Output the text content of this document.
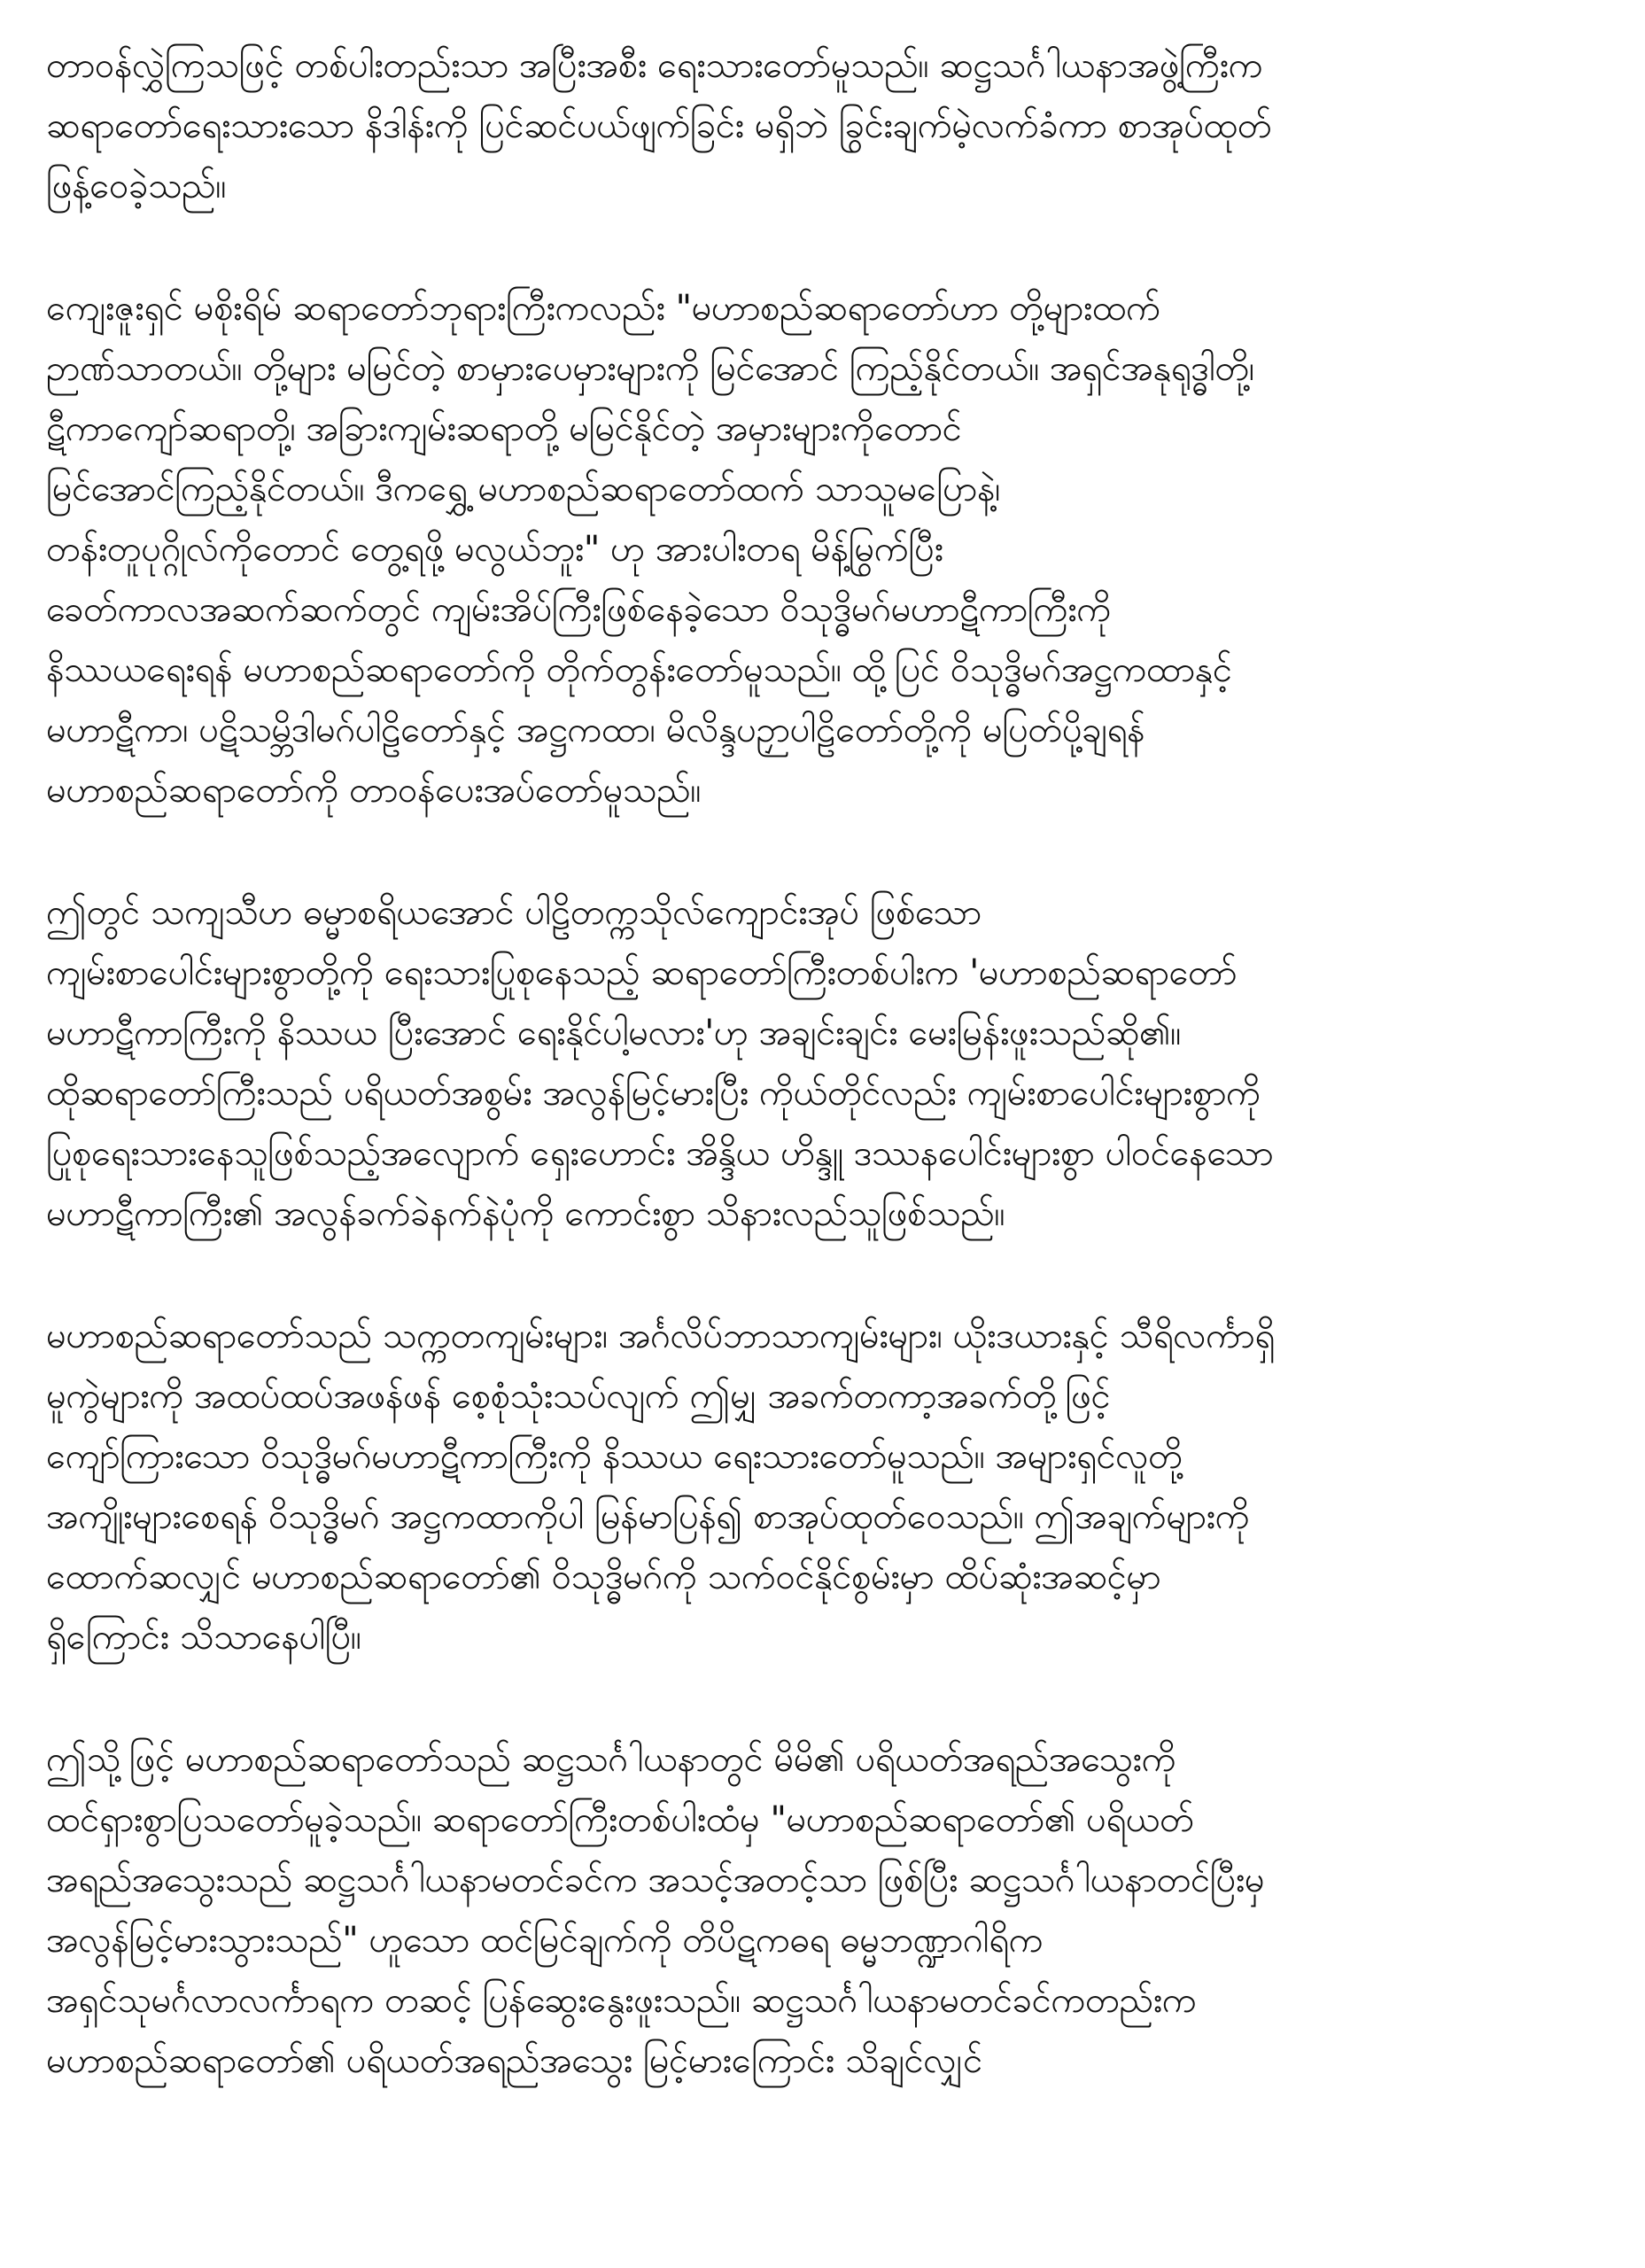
တာဝန်လွှဲကြသဖြင့် တစ်ပါးတည်းသာ အပြီးအစီး ရေးသားတော်မူသည်။ ဆဋ္ဌသင်္ဂါယနာအဖွဲ့ကြီးက
ဆရာတော်ရေးသားသော နိဒါန်းကို ပြင်ဆင်ပယ်ဖျက်ခြင်း မရှိဘဲ ခြွင်းချက်မဲ့လက်ခံကာ စာအုပ်ထုတ်
ဖြန့်ဝေခဲ့သည်။
ကျေးဇူးရှင် မစိုးရိမ် ဆရာတော်ဘုရားကြီးကလည်း "မဟာစည်ဆရာတော်ဟာ တို့များထက်
ဉာဏ်သာတယ်။ တို့များ မမြင်တဲ့ စာမှားပေမှားများကို မြင်အောင် ကြည့်နိုင်တယ်။ အရှင်အနုရုဒ္ဓါတို့၊
ဋီကာကျော်ဆရာတို့၊ အခြားကျမ်းဆရာတို့ မမြင်နိုင်တဲ့ အမှားများကိုတောင်
မြင်အောင်ကြည့်နိုင်တယ်။ ဒီကရွှေ့ မဟာစည်ဆရာတော်ထက် သာသူမပြောနဲ့၊
တန်းတူပုဂ္ဂိုလ်ကိုတောင် တွေ့ရဖို့ မလွယ်ဘူး" ဟု အားပါးတရ မိန့်မြွက်ပြီး
ခေတ်ကာလအဆက်ဆက်တွင် ကျမ်းအိပ်ကြီးဖြစ်နေခဲ့သော ဝိသုဒ္ဓိမဂ်မဟာဋီကာကြီးကို
နိဿယရေးရန် မဟာစည်ဆရာတော်ကို တိုက်တွန်းတော်မူသည်။ ထို့ပြင် ဝိသုဒ္ဓိမဂ်အဋ္ဌကထာနှင့်
မဟာဋီကာ၊ ပဋိသမ္ဘိဒါမဂ်ပါဠိတော်နှင့် အဋ္ဌကထာ၊ မိလိန္ဒပဉှာပါဠိတော်တို့ကို မပြတ်ပို့ချရန်
မဟာစည်ဆရာတော်ကို တာဝန်ပေးအပ်တော်မူသည်။
ဤတွင် သကျသီဟ ဓမ္မာစရိယအောင် ပါဠိတက္ကသိုလ်ကျောင်းအုပ် ဖြစ်သော
ကျမ်းစာပေါင်းများစွာတို့ကို ရေးသားပြုစုနေသည့် ဆရာတော်ကြီးတစ်ပါးက 'မဟာစည်ဆရာတော်
မဟာဋီကာကြီးကို နိဿယ ပြီးအောင် ရေးနိုင်ပါ့မလား'ဟု အချင်းချင်း မေးမြန်းဖူးသည်ဆို၏။
ထိုဆရာတော်ကြီးသည် ပရိယတ်အစွမ်း အလွန်မြင့်မားပြီး ကိုယ်တိုင်လည်း ကျမ်းစာပေါင်းများစွာကို
ပြုစုရေးသားနေသူဖြစ်သည့်အလျောက် ရှေးဟောင်း အိန္ဒိယ ဟိန္ဒူ ဒဿနပေါင်းများစွာ ပါဝင်နေသော
မဟာဋီကာကြီး၏ အလွန်ခက်ခဲနက်နဲပုံကို ကောင်းစွာ သိနားလည်သူဖြစ်သည်။
မဟာစည်ဆရာတော်သည် သက္ကတကျမ်းများ၊ အင်္ဂလိပ်ဘာသာကျမ်းများ၊ ယိုးဒယားနှင့် သီရိလင်္ကာရှိ
မူကွဲများကို အထပ်ထပ်အဖန်ဖန် စေ့စုံသုံးသပ်လျက် ဤမျှ အခက်တကာ့အခက်တို့ဖြင့်
ကျော်ကြားသော ဝိသုဒ္ဓိမဂ်မဟာဋီကာကြီးကို နိဿယ ရေးသားတော်မူသည်။ အများရှင်လူတို့
အကျိုးများစေရန် ဝိသုဒ္ဓိမဂ် အဋ္ဌကထာကိုပါ မြန်မာပြန်၍ စာအုပ်ထုတ်ဝေသည်။ ဤအချက်များကို
ထောက်ဆလျှင် မဟာစည်ဆရာတော်၏ ဝိသုဒ္ဓိမဂ်ကို သက်ဝင်နိုင်စွမ်းမှာ ထိပ်ဆုံးအဆင့်မှာ
ရှိကြောင်း သိသာနေပါပြီ။
ဤသို့ဖြင့် မဟာစည်ဆရာတော်သည် ဆဋ္ဌသင်္ဂါယနာတွင် မိမိ၏ ပရိယတ်အရည်အသွေးကို
ထင်ရှားစွာပြသတော်မူခဲ့သည်။ ဆရာတော်ကြီးတစ်ပါးထံမှ "မဟာစည်ဆရာတော်၏ ပရိယတ်
အရည်အသွေးသည် ဆဋ္ဌသင်္ဂါယနာမတင်ခင်က အသင့်အတင့်သာ ဖြစ်ပြီး ဆဋ္ဌသင်္ဂါယနာတင်ပြီးမှ
အလွန်မြင့်မားသွားသည်" ဟူသော ထင်မြင်ချက်ကို တိပိဋကဓရ ဓမ္မဘဏ္ဍာဂါရိက
အရှင်သုမင်္ဂလာလင်္ကာရက တဆင့် ပြန်ဆွေးနွေးဖူးသည်။ ဆဋ္ဌသင်္ဂါယနာမတင်ခင်ကတည်းက
မဟာစည်ဆရာတော်၏ ပရိယတ်အရည်အသွေး မြင့်မားကြောင်း သိချင်လျှင်
